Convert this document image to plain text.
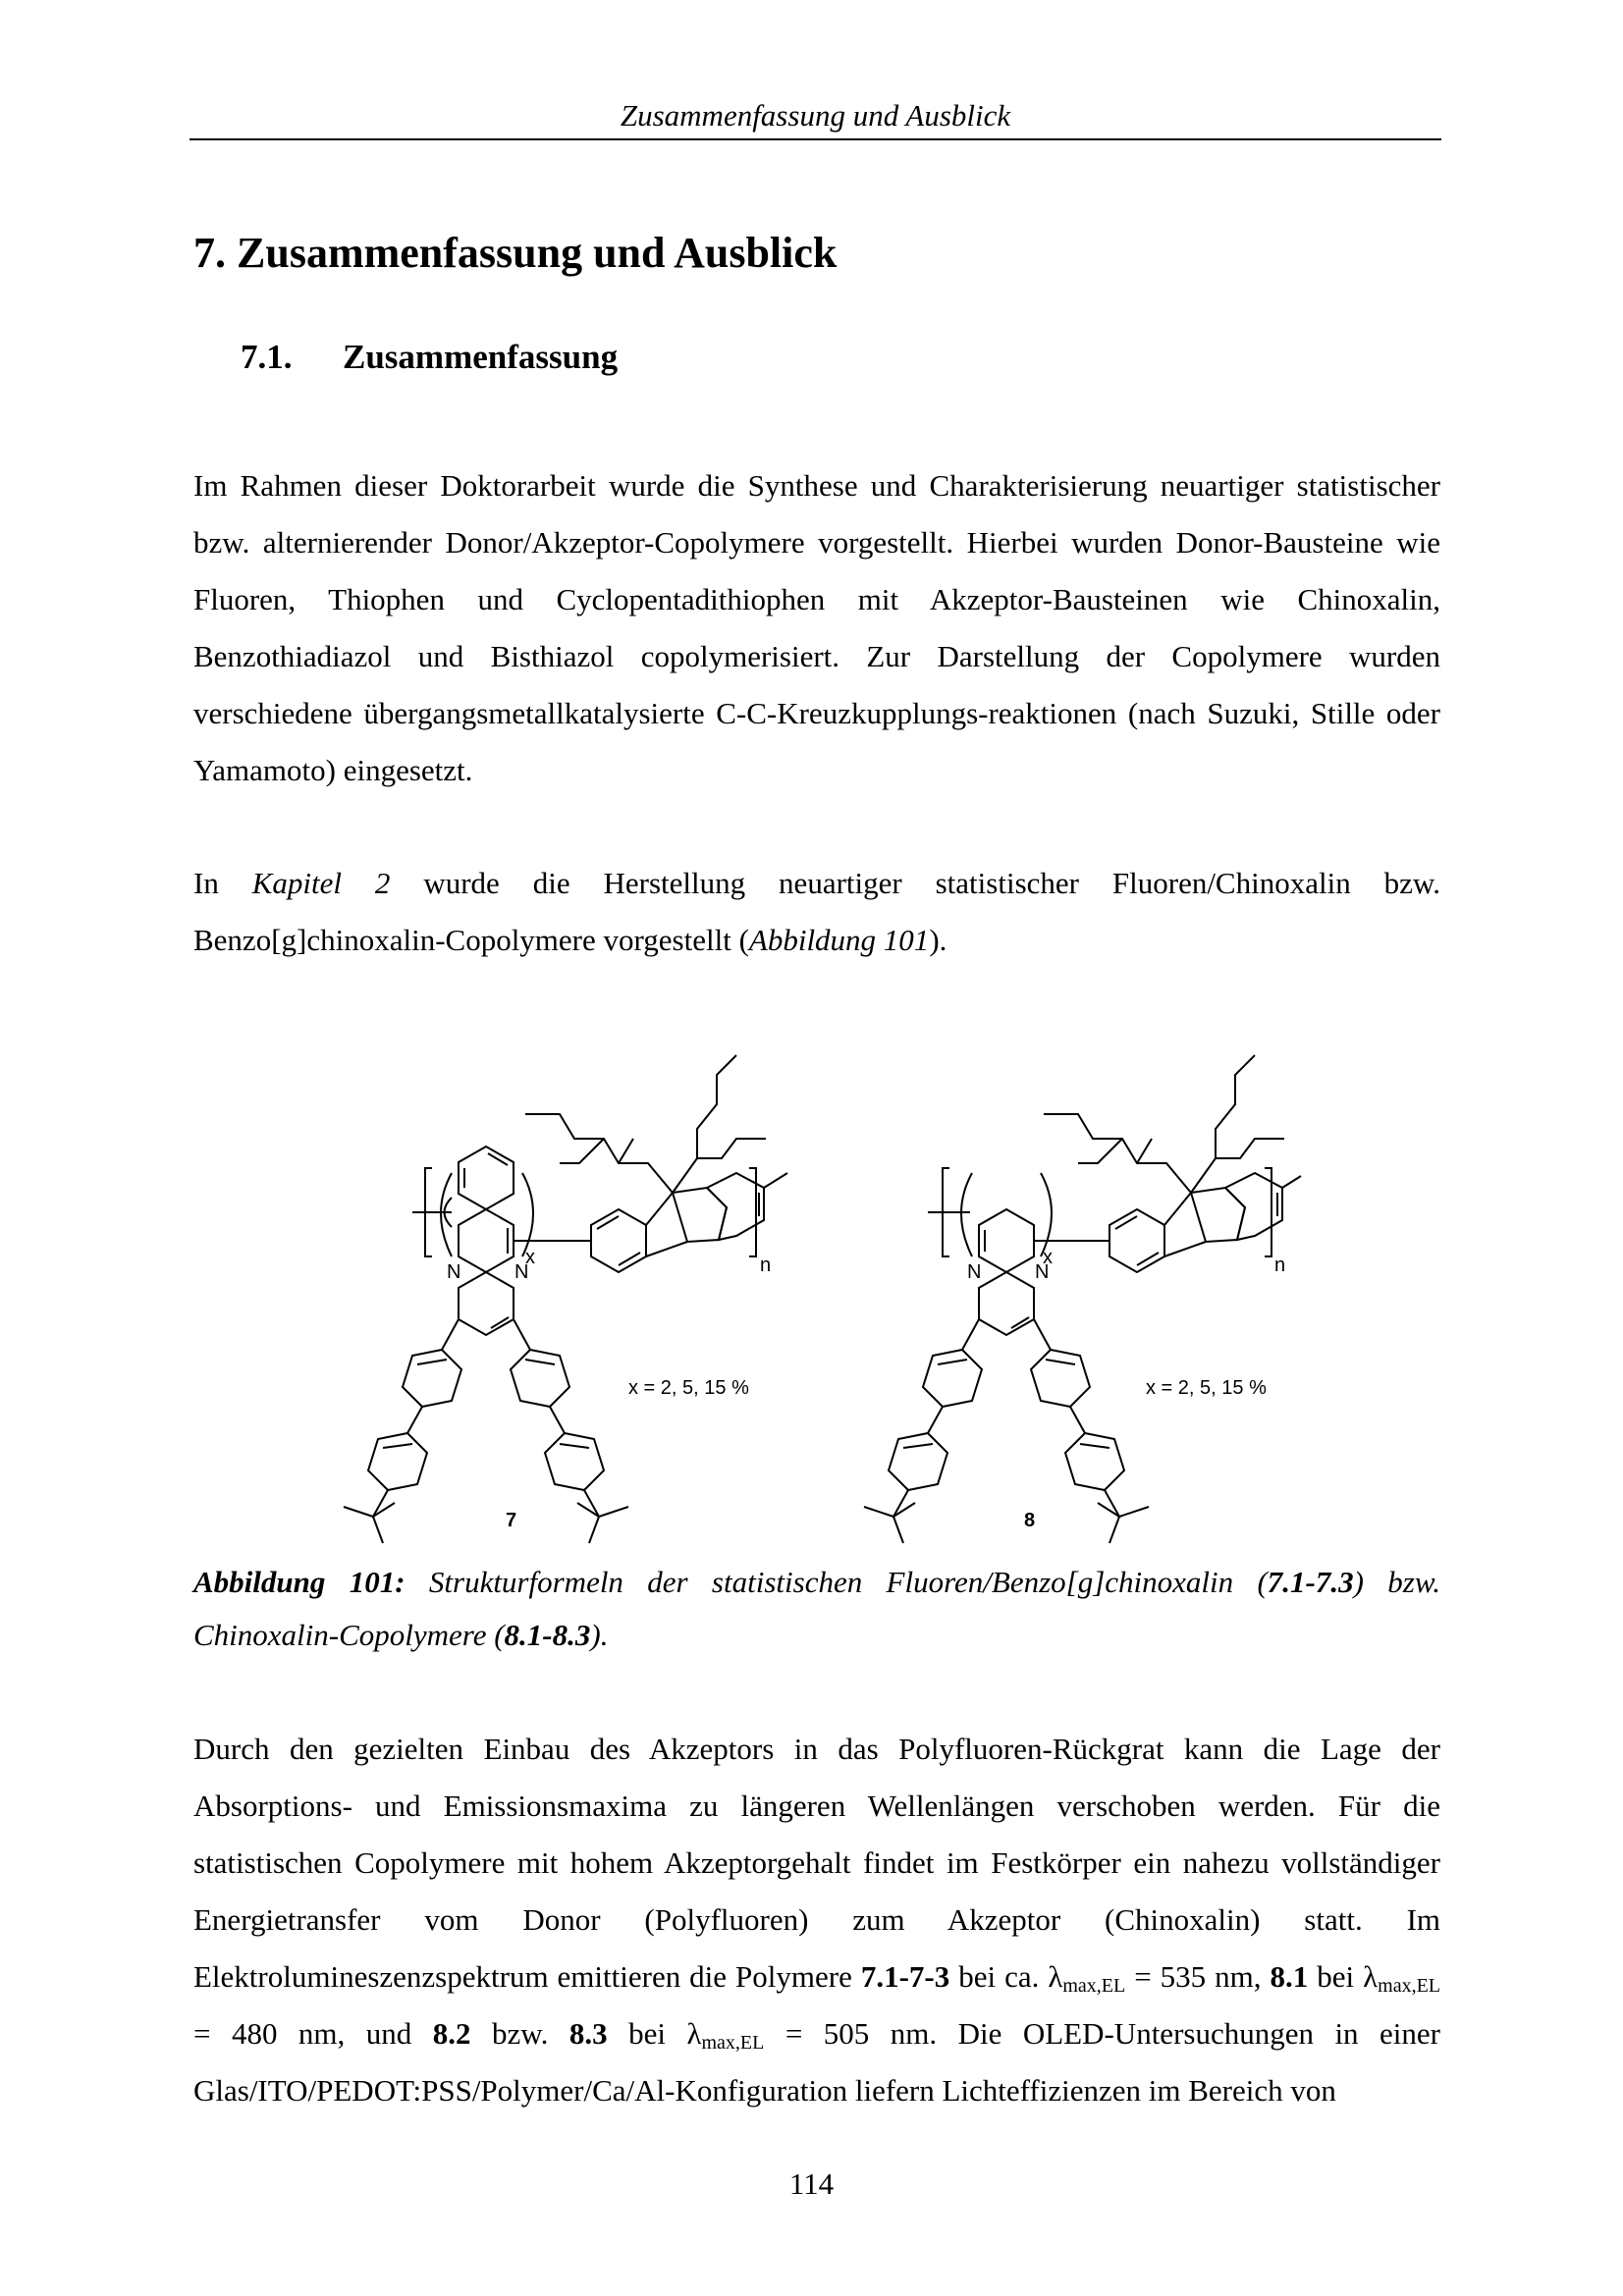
Zusammenfassung und Ausblick
7. Zusammenfassung und Ausblick
7.1. Zusammenfassung

Im Rahmen dieser Doktorarbeit wurde die Synthese und Charakterisierung neuartiger statistischer bzw. alternierender Donor/Akzeptor-Copolymere vorgestellt. Hierbei wurden Donor-Bausteine wie Fluoren, Thiophen und Cyclopentadithiophen mit Akzeptor-Bausteinen wie Chinoxalin, Benzothiadiazol und Bisthiazol copolymerisiert. Zur Darstellung der Copolymere wurden verschiedene übergangsmetallkatalysierte C-C-Kreuzkupplungs-reaktionen (nach Suzuki, Stille oder Yamamoto) eingesetzt.

In Kapitel 2 wurde die Herstellung neuartiger statistischer Fluoren/Chinoxalin bzw. Benzo[g]chinoxalin-Copolymere vorgestellt (Abbildung 101).

x	n
N	N
x = 2, 5, 15 %
7
x	n
N	N
x = 2, 5, 15 %
8

Abbildung 101: Strukturformeln der statistischen Fluoren/Benzo[g]chinoxalin (7.1-7.3) bzw. Chinoxalin-Copolymere (8.1-8.3).

Durch den gezielten Einbau des Akzeptors in das Polyfluoren-Rückgrat kann die Lage der Absorptions- und Emissionsmaxima zu längeren Wellenlängen verschoben werden. Für die statistischen Copolymere mit hohem Akzeptorgehalt findet im Festkörper ein nahezu vollständiger Energietransfer vom Donor (Polyfluoren) zum Akzeptor (Chinoxalin) statt. Im Elektrolumineszenzspektrum emittieren die Polymere 7.1-7-3 bei ca. $\lambda_{max,EL} = 535$ nm, 8.1 bei $\lambda_{max,EL} = 480$ nm, und 8.2 bzw. 8.3 bei $\lambda_{max,EL} = 505$ nm. Die OLED-Untersuchungen in einer Glas/ITO/PEDOT:PSS/Polymer/Ca/Al-Konfiguration liefern Lichteffizienzen im Bereich von

114
